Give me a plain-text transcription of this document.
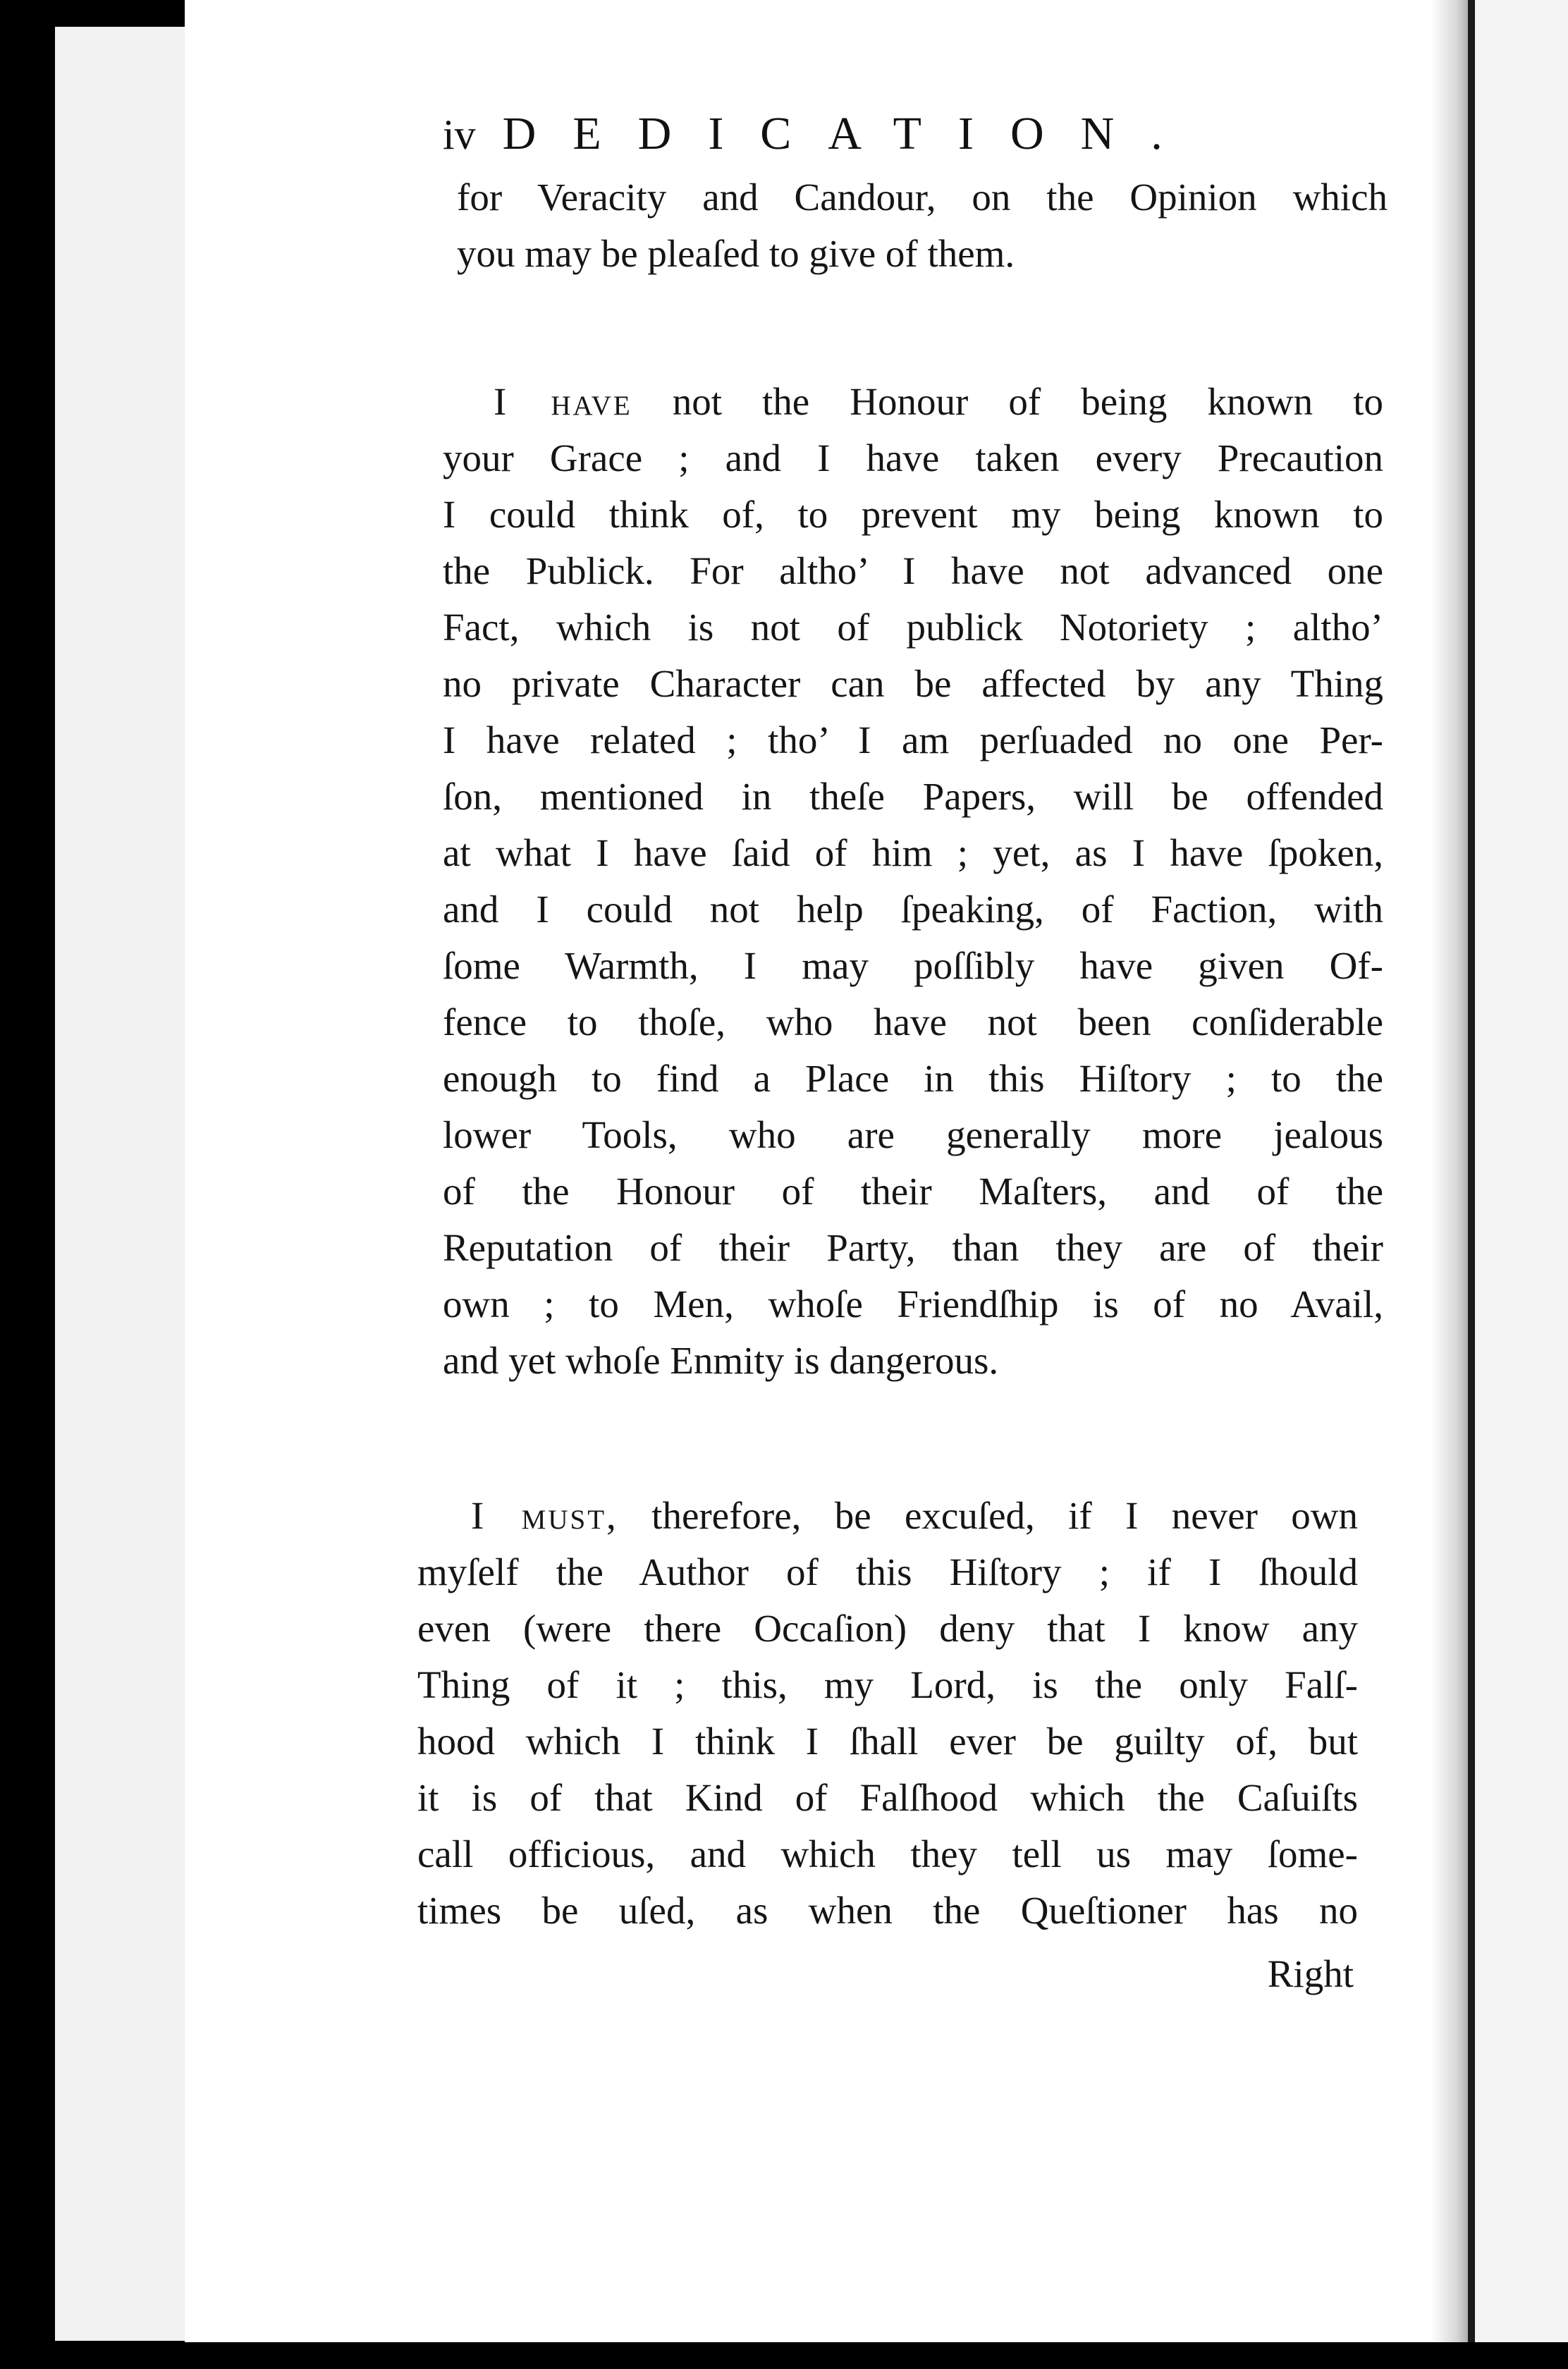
iv DEDICATION.
for Veracity and Candour, on the Opinion which
you may be pleaſed to give of them.
I have not the Honour of being known to
your Grace ; and I have taken every Precaution
I could think of, to prevent my being known to
the Publick. For altho’ I have not advanced one
Fact, which is not of publick Notoriety ; altho’
no private Character can be affected by any Thing
I have related ; tho’ I am perſuaded no one Per-
ſon, mentioned in theſe Papers, will be offended
at what I have ſaid of him ; yet, as I have ſpoken,
and I could not help ſpeaking, of Faction, with
ſome Warmth, I may poſſibly have given Of-
fence to thoſe, who have not been conſiderable
enough to find a Place in this Hiſtory ; to the
lower Tools, who are generally more jealous
of the Honour of their Maſters, and of the
Reputation of their Party, than they are of their
own ; to Men, whoſe Friendſhip is of no Avail,
and yet whoſe Enmity is dangerous.
I must, therefore, be excuſed, if I never own
myſelf the Author of this Hiſtory ; if I ſhould
even (were there Occaſion) deny that I know any
Thing of it ; this, my Lord, is the only Falſ-
hood which I think I ſhall ever be guilty of, but
it is of that Kind of Falſhood which the Caſuiſts
call officious, and which they tell us may ſome-
times be uſed, as when the Queſtioner has no
Right
